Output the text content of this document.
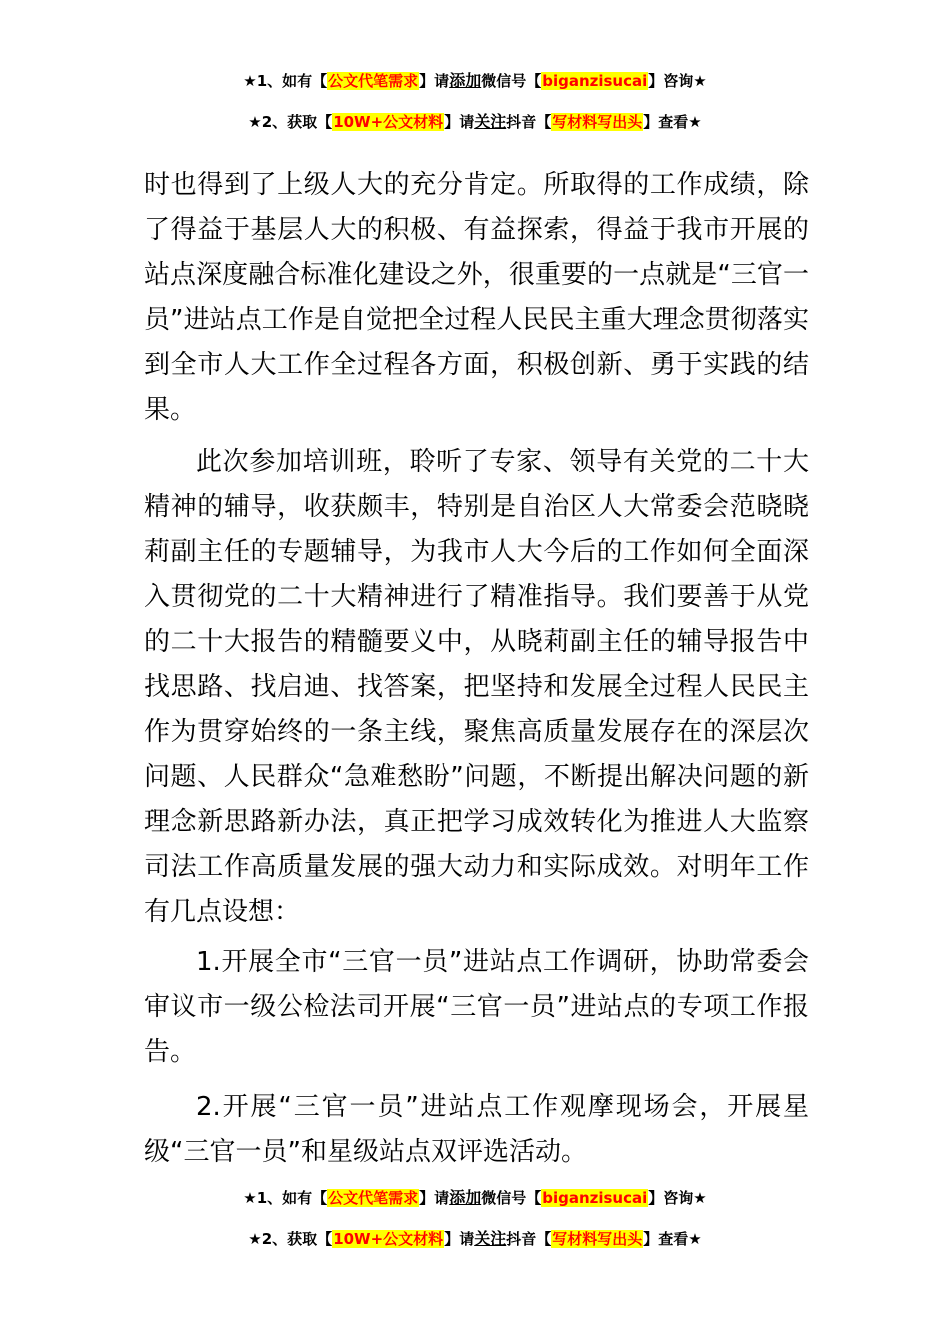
★1、如有【公文代笔需求】请添加微信号【biganzisucai】咨询★
★2、获取【10W+公文材料】请关注抖音【写材料写出头】查看★

时也得到了上级人大的充分肯定。所取得的工作成绩，除了得益于基层人大的积极、有益探索，得益于我市开展的站点深度融合标准化建设之外，很重要的一点就是“三官一员”进站点工作是自觉把全过程人民民主重大理念贯彻落实到全市人大工作全过程各方面，积极创新、勇于实践的结果。

此次参加培训班，聆听了专家、领导有关党的二十大精神的辅导，收获颇丰，特别是自治区人大常委会范晓晓莉副主任的专题辅导，为我市人大今后的工作如何全面深入贯彻党的二十大精神进行了精准指导。我们要善于从党的二十大报告的精髓要义中，从晓莉副主任的辅导报告中找思路、找启迪、找答案，把坚持和发展全过程人民民主作为贯穿始终的一条主线，聚焦高质量发展存在的深层次问题、人民群众“急难愁盼”问题，不断提出解决问题的新理念新思路新办法，真正把学习成效转化为推进人大监察司法工作高质量发展的强大动力和实际成效。对明年工作有几点设想：

1.开展全市“三官一员”进站点工作调研，协助常委会审议市一级公检法司开展“三官一员”进站点的专项工作报告。

2.开展“三官一员”进站点工作观摩现场会，开展星级“三官一员”和星级站点双评选活动。

★1、如有【公文代笔需求】请添加微信号【biganzisucai】咨询★
★2、获取【10W+公文材料】请关注抖音【写材料写出头】查看★
